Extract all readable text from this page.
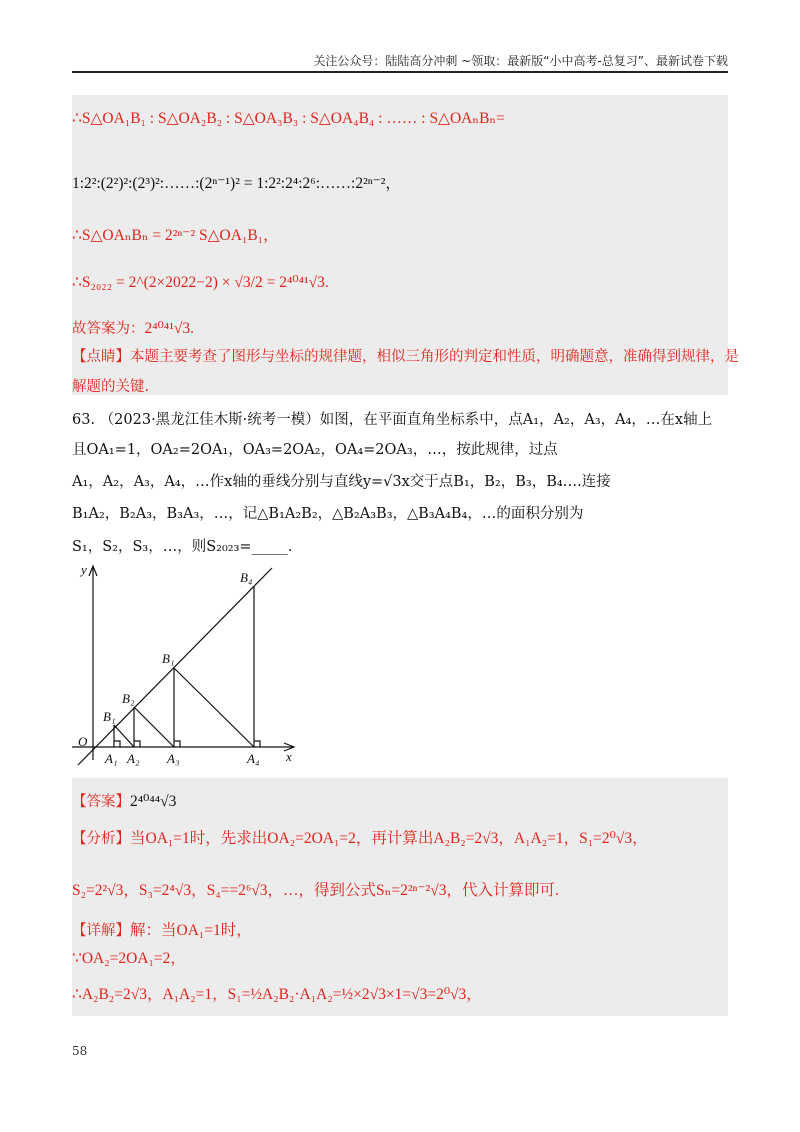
关注公众号：陆陆高分冲刺 ~领取：最新版“小中高考-总复习”、最新试卷下载
∴S△OA₁B₁ : S△OA₂B₂ : S△OA₃B₃ : S△OA₄B₄ : …… : S△OAₙBₙ=
1:2²:(2²)²:(2³)²:……:(2ⁿ⁻¹)² = 1:2²:2⁴:2⁶:……:2²ⁿ⁻²，
∴S△OAₙBₙ = 2²ⁿ⁻² S△OA₁B₁，
∴S₂₀₂₂ = 2^(2×2022−2) × √3/2 = 2⁴⁰⁴¹√3.
故答案为：2⁴⁰⁴¹√3.
【点睛】本题主要考查了图形与坐标的规律题，相似三角形的判定和性质，明确题意，准确得到规律，是
解题的关键.
63. （2023·黑龙江佳木斯·统考一模）如图，在平面直角坐标系中，点A₁，A₂，A₃，A₄，…在x轴上
且OA₁=1，OA₂=2OA₁，OA₃=2OA₂，OA₄=2OA₃，…，按此规律，过点
A₁，A₂，A₃，A₄，…作x轴的垂线分别与直线y=√3x交于点B₁，B₂，B₃，B₄….连接
B₁A₂，B₂A₃，B₃A₃，…，记△B₁A₂B₂，△B₂A₃B₃，△B₃A₄B₄，…的面积分别为
S₁，S₂，S₃，…，则S₂₀₂₃=_____.
y
x
O
B₁
B₂
B₁
B₄
A₁ A₂ A₃	A₄
【答案】2⁴⁰⁴⁴√3
【分析】当OA₁=1时，先求出OA₂=2OA₁=2，再计算出A₂B₂=2√3，A₁A₂=1，S₁=2⁰√3，
S₂=2²√3，S₃=2⁴√3，S₄==2⁶√3，…，得到公式Sₙ=2²ⁿ⁻²√3，代入计算即可.
【详解】解：当OA₁=1时，
∵OA₂=2OA₁=2，
∴A₂B₂=2√3，A₁A₂=1，S₁=½A₂B₂·A₁A₂=½×2√3×1=√3=2⁰√3，
58
